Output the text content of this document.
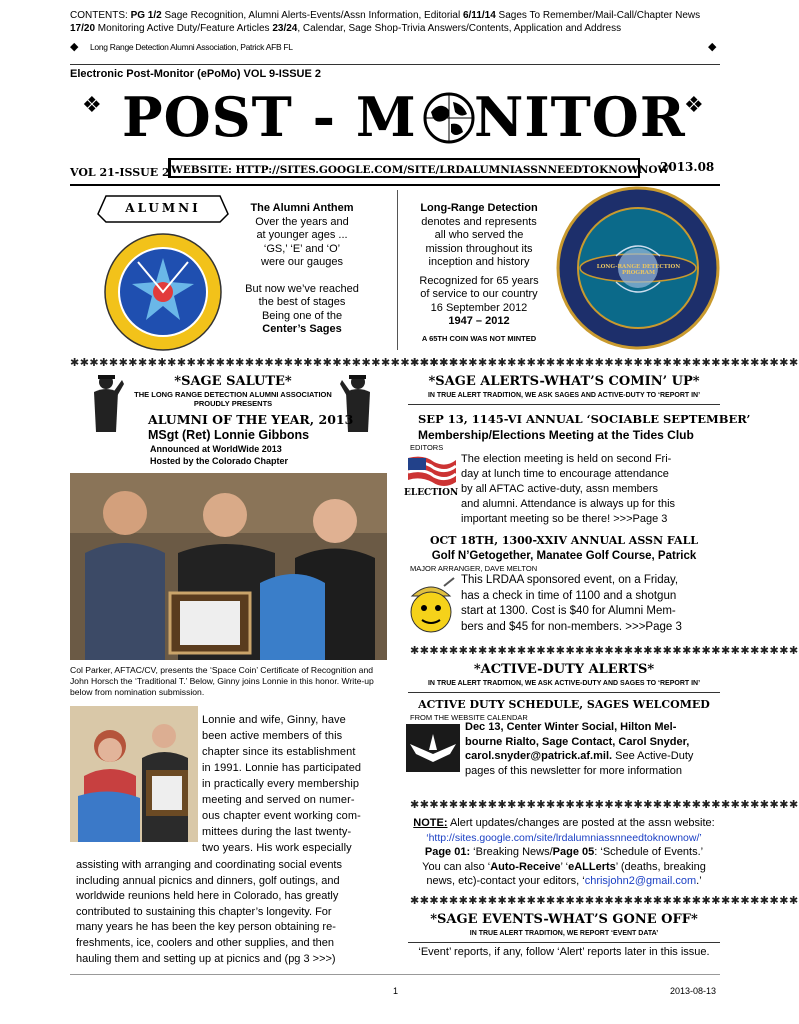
CONTENTS: PG 1/2 Sage Recognition, Alumni Alerts-Events/Assn Information, Editorial 6/11/14 Sages To Remember/Mail-Call/Chapter News
17/20 Monitoring Active Duty/Feature Articles 23/24, Calendar, Sage Shop-Trivia Answers/Contents, Application and Address
◆ Long Range Detection Alumni Association, Patrick AFB FL	◆
Electronic Post-Monitor (ePoMo) VOL 9-ISSUE 2
❖ POST - M NITOR
❖
VOL 21-ISSUE 2 WEBSITE: HTTP://SITES.GOOGLE.COM/SITE/LRDALUMNIASSNNEEDTOKNOWNOW
2013.08
ALUMNI	The Alumni Anthem
Over the years and
at younger ages ...
‘GS,’ ‘E’ and ‘O’
were our gauges
But now we’ve reached
the best of stages
Being one of the
Center’s Sages
Long-Range Detection
denotes and represents
all who served the
mission throughout its
inception and history
Recognized for 65 years
of service to our country
16 September 2012
1947 – 2012
A 65TH COIN WAS NOT MINTED
LONG-RANGE DETECTION PROGRAM
✱✱✱✱✱✱✱✱✱✱✱✱✱✱✱✱✱✱✱✱✱✱✱✱✱✱✱✱✱✱✱✱✱✱✱✱✱✱✱✱
✱✱✱✱✱✱✱✱✱✱✱✱✱✱✱✱✱✱✱✱✱✱✱✱✱✱✱✱✱✱✱✱✱✱✱✱✱✱✱✱
*SAGE SALUTE*
THE LONG RANGE DETECTION ALUMNI ASSOCIATION
PROUDLY PRESENTS
ALUMNI OF THE YEAR, 2013
MSgt (Ret) Lonnie Gibbons
Announced at WorldWide 2013
Hosted by the Colorado Chapter
Col Parker, AFTAC/CV, presents the ‘Space Coin’ Certificate of Recognition and John Horsch the ‘Traditional T.’ Below, Ginny joins Lonnie in this honor. Write-up below from nomination submission.
Lonnie and wife, Ginny, have
been active members of this
chapter since its establishment
in 1991. Lonnie has participated
in practically every membership
meeting and served on numer-
ous chapter event working com-
mittees during the last twenty-
two years. His work especially
assisting with arranging and coordinating social events
including annual picnics and dinners, golf outings, and
worldwide reunions held here in Colorado, has greatly
contributed to sustaining this chapter’s longevity. For
many years he has been the key person obtaining re-
freshments, ice, coolers and other supplies, and then
hauling them and setting up at picnics and (pg 3 >>>)
*SAGE ALERTS-WHAT’S COMIN’ UP*
IN TRUE ALERT TRADITION, WE ASK SAGES AND ACTIVE-DUTY TO ‘REPORT IN’
SEP 13, 1145-VI ANNUAL ‘SOCIABLE SEPTEMBER’
Membership/Elections Meeting at the Tides Club
EDITORS
ELECTION
The election meeting is held on second Fri-
day at lunch time to encourage attendance
by all AFTAC active-duty, assn members
and alumni. Attendance is always up for this
important meeting so be there! >>>Page 3
OCT 18TH, 1300-XXIV ANNUAL ASSN FALL
Golf N’Getogether, Manatee Golf Course, Patrick
MAJOR ARRANGER, DAVE MELTON
This LRDAA sponsored event, on a Friday,
has a check in time of 1100 and a shotgun
start at 1300. Cost is $40 for Alumni Mem-
bers and $45 for non-members. >>>Page 3
✱✱✱✱✱✱✱✱✱✱✱✱✱✱✱✱✱✱✱✱✱✱✱✱✱✱✱✱✱✱✱✱✱✱✱✱✱✱✱✱
*ACTIVE-DUTY ALERTS*
IN TRUE ALERT TRADITION, WE ASK ACTIVE-DUTY AND SAGES TO ‘REPORT IN’
ACTIVE DUTY SCHEDULE, SAGES WELCOMED
FROM THE WEBSITE CALENDAR
Dec 13, Center Winter Social, Hilton Mel-
bourne Rialto, Sage Contact, Carol Snyder,
carol.snyder@patrick.af.mil. See Active-Duty
pages of this newsletter for more information
✱✱✱✱✱✱✱✱✱✱✱✱✱✱✱✱✱✱✱✱✱✱✱✱✱✱✱✱✱✱✱✱✱✱✱✱✱✱✱✱
NOTE: Alert updates/changes are posted at the assn website:
‘http://sites.google.com/site/lrdalumniassnneedtoknownow/’
Page 01: ‘Breaking News/Page 05: ‘Schedule of Events.’
You can also ‘Auto-Receive’ ‘eALLerts’ (deaths, breaking
news, etc)-contact your editors, ‘chrisjohn2@gmail.com.’
✱✱✱✱✱✱✱✱✱✱✱✱✱✱✱✱✱✱✱✱✱✱✱✱✱✱✱✱✱✱✱✱✱✱✱✱✱✱✱✱
*SAGE EVENTS-WHAT’S GONE OFF*
IN TRUE ALERT TRADITION, WE REPORT ‘EVENT DATA’
‘Event’ reports, if any, follow ‘Alert’ reports later in this issue.
1	2013-08-13
